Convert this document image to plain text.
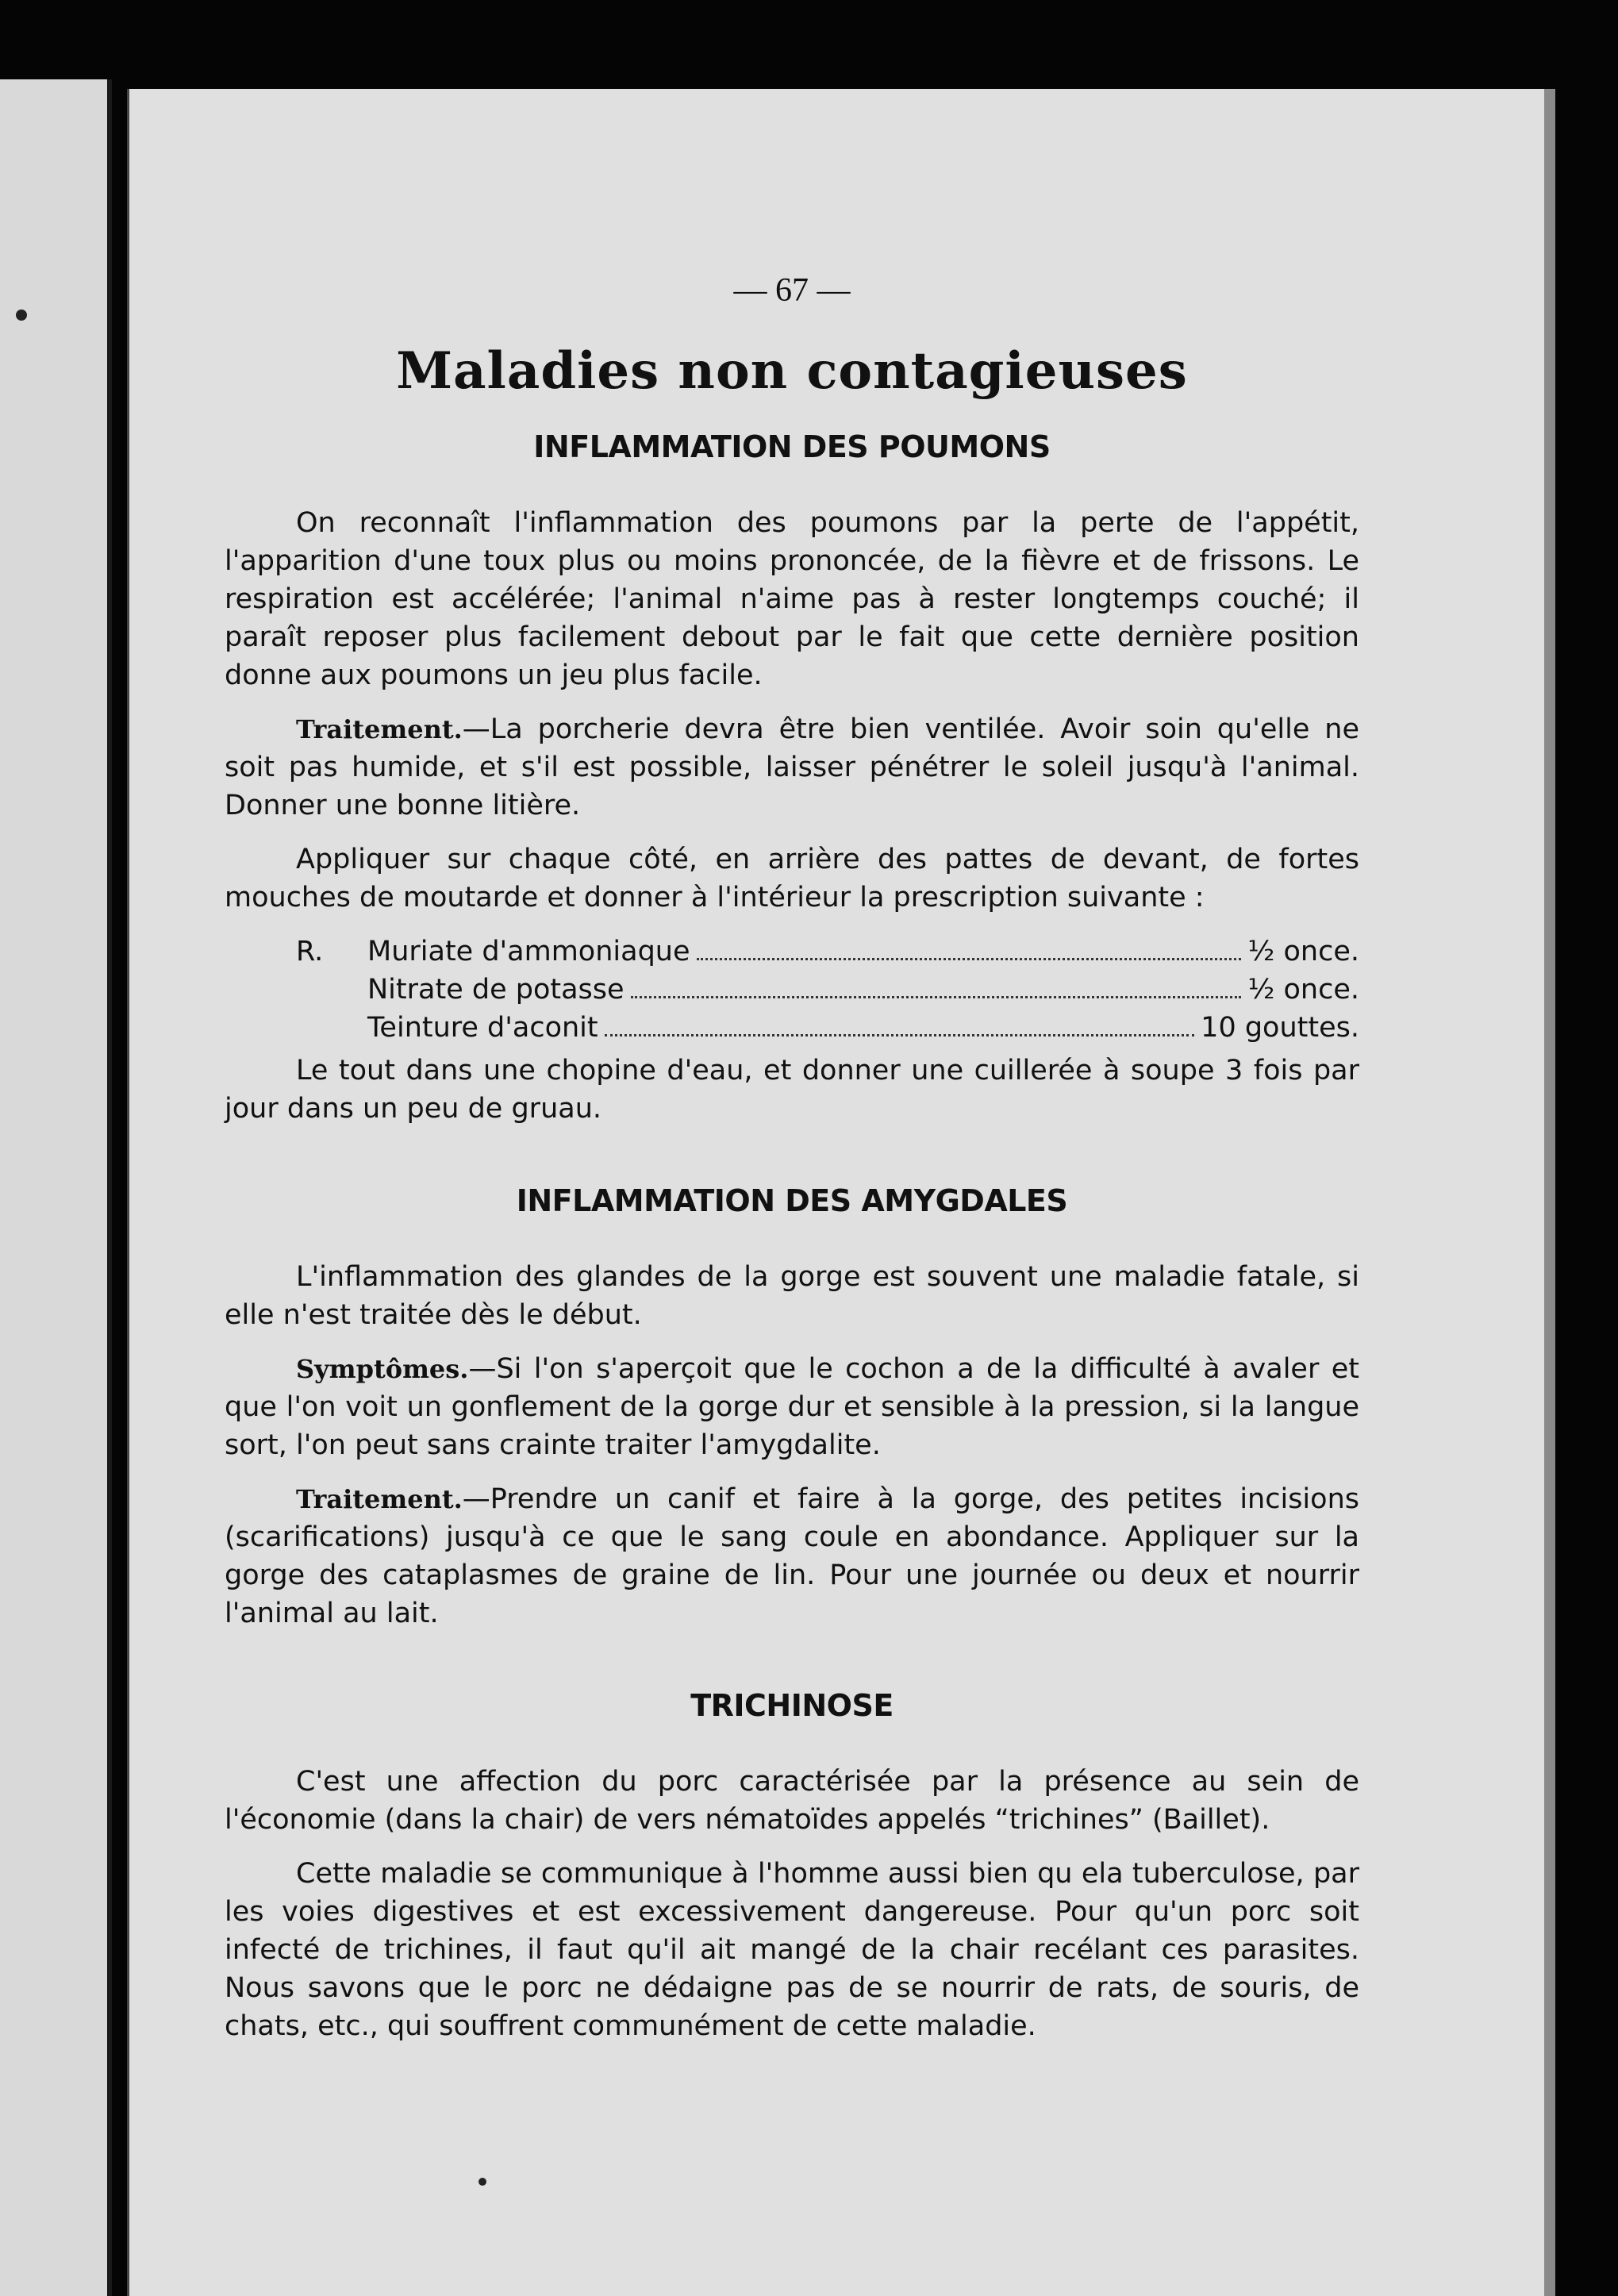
— 67 —
Maladies non contagieuses
INFLAMMATION DES POUMONS

On reconnaît l'inflammation des poumons par la perte de l'appétit, l'apparition d'une toux plus ou moins prononcée, de la fièvre et de frissons. Le respiration est accélérée; l'animal n'aime pas à rester longtemps couché; il paraît reposer plus facilement debout par le fait que cette dernière position donne aux poumons un jeu plus facile.

Traitement.—La porcherie devra être bien ventilée. Avoir soin qu'elle ne soit pas humide, et s'il est possible, laisser pénétrer le soleil jusqu'à l'animal. Donner une bonne litière.

Appliquer sur chaque côté, en arrière des pattes de devant, de fortes mouches de moutarde et donner à l'intérieur la prescription suivante :

R. Muriate d'ammoniaque	½ once.
Nitrate de potasse	½ once.
Teinture d'aconit	10 gouttes.

Le tout dans une chopine d'eau, et donner une cuillerée à soupe 3 fois par jour dans un peu de gruau.

INFLAMMATION DES AMYGDALES

L'inflammation des glandes de la gorge est souvent une maladie fatale, si elle n'est traitée dès le début.

Symptômes.—Si l'on s'aperçoit que le cochon a de la difficulté à avaler et que l'on voit un gonflement de la gorge dur et sensible à la pression, si la langue sort, l'on peut sans crainte traiter l'amygdalite.

Traitement.—Prendre un canif et faire à la gorge, des petites incisions (scarifications) jusqu'à ce que le sang coule en abondance. Appliquer sur la gorge des cataplasmes de graine de lin. Pour une journée ou deux et nourrir l'animal au lait.

TRICHINOSE

C'est une affection du porc caractérisée par la présence au sein de l'économie (dans la chair) de vers nématoïdes appelés “trichines” (Baillet).

Cette maladie se communique à l'homme aussi bien qu ela tuberculose, par les voies digestives et est excessivement dangereuse. Pour qu'un porc soit infecté de trichines, il faut qu'il ait mangé de la chair recélant ces parasites. Nous savons que le porc ne dédaigne pas de se nourrir de rats, de souris, de chats, etc., qui souffrent communément de cette maladie.
